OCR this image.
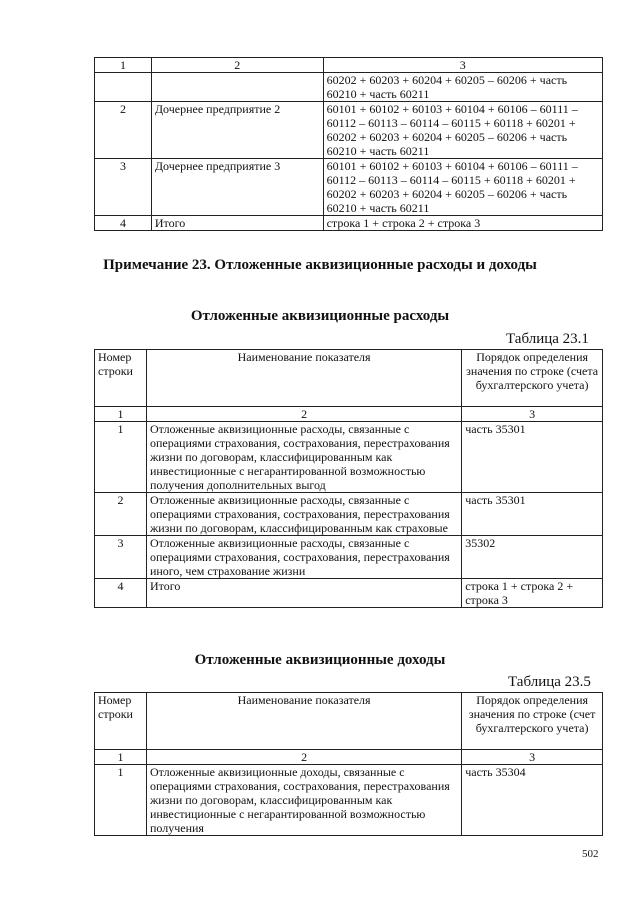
1	2	3
		60202 + 60203 + 60204 + 60205 – 60206 + часть 60210 + часть 60211
2	Дочернее предприятие 2	60101 + 60102 + 60103 + 60104 + 60106 – 60111 – 60112 – 60113 – 60114 – 60115 + 60118 + 60201 + 60202 + 60203 + 60204 + 60205 – 60206 + часть 60210 + часть 60211
3	Дочернее предприятие 3	60101 + 60102 + 60103 + 60104 + 60106 – 60111 – 60112 – 60113 – 60114 – 60115 + 60118 + 60201 + 60202 + 60203 + 60204 + 60205 – 60206 + часть 60210 + часть 60211
4	Итого	строка 1 + строка 2 + строка 3
Примечание 23. Отложенные аквизиционные расходы и доходы
Отложенные аквизиционные расходы
Таблица 23.1
Номер строки	Наименование показателя	Порядок определения значения по строке (счета бухгалтерского учета)
1	2	3
1	Отложенные аквизиционные расходы, связанные с операциями страхования, сострахования, перестрахования жизни по договорам, классифицированным как инвестиционные с негарантированной возможностью получения дополнительных выгод	часть 35301
2	Отложенные аквизиционные расходы, связанные с операциями страхования, сострахования, перестрахования жизни по договорам, классифицированным как страховые	часть 35301
3	Отложенные аквизиционные расходы, связанные с операциями страхования, сострахования, перестрахования иного, чем страхование жизни	35302
4	Итого	строка 1 + строка 2 + строка 3
Отложенные аквизиционные доходы
Таблица 23.5
Номер строки	Наименование показателя	Порядок определения значения по строке (счет бухгалтерского учета)
1	2	3
1	Отложенные аквизиционные доходы, связанные с операциями страхования, сострахования, перестрахования жизни по договорам, классифицированным как инвестиционные с негарантированной возможностью получения	часть 35304
502
